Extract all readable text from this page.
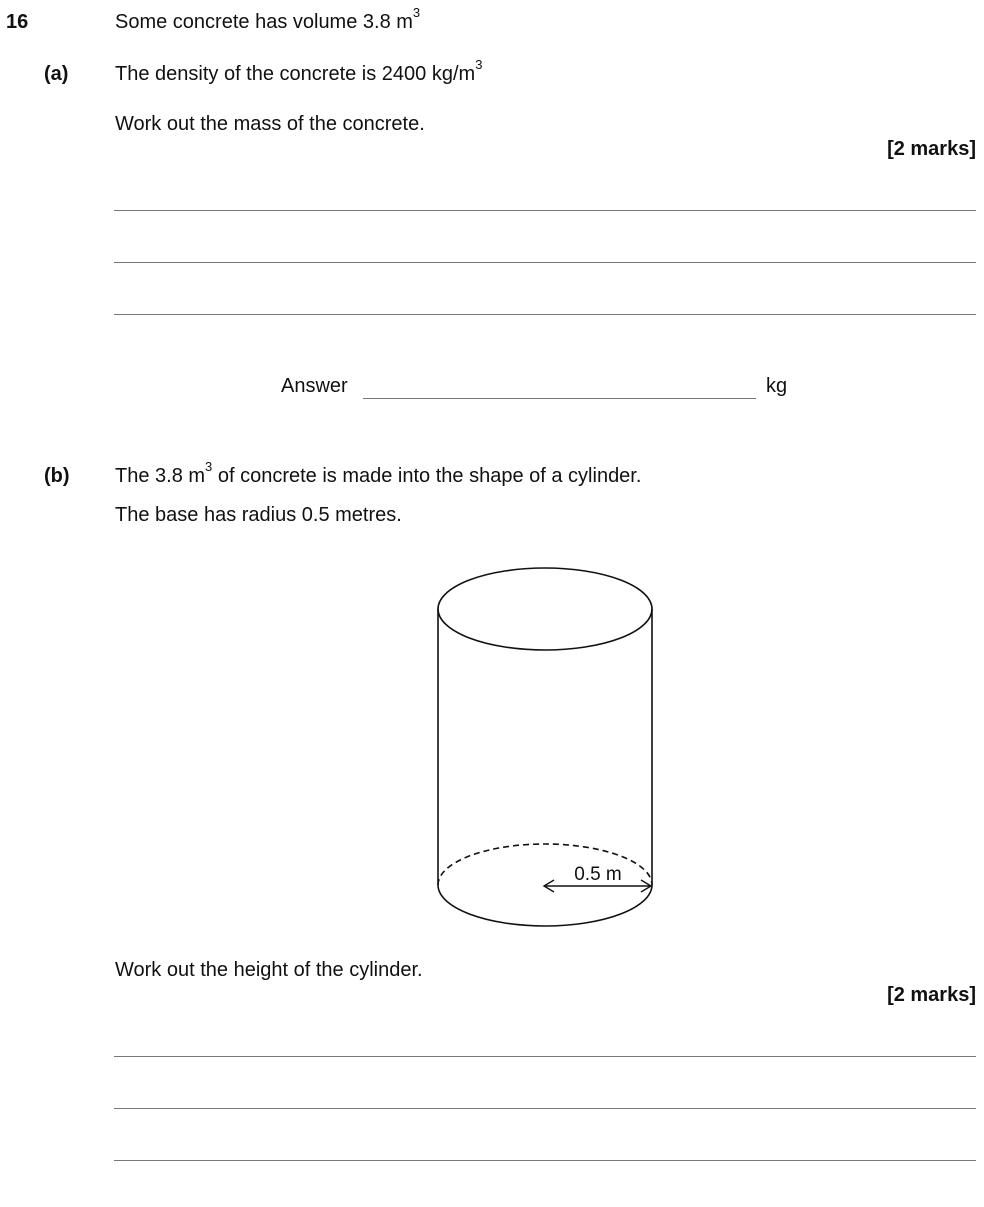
16	Some concrete has volume 3.8 $m^3$
(a) The density of the concrete is 2400 $kg/m^3$
Work out the mass of the concrete.
[2 marks]
Answer	kg
(b) The 3.8 $m^3$ of concrete is made into the shape of a cylinder.
The base has radius 0.5 metres.
0.5 m
Work out the height of the cylinder.
[2 marks]
